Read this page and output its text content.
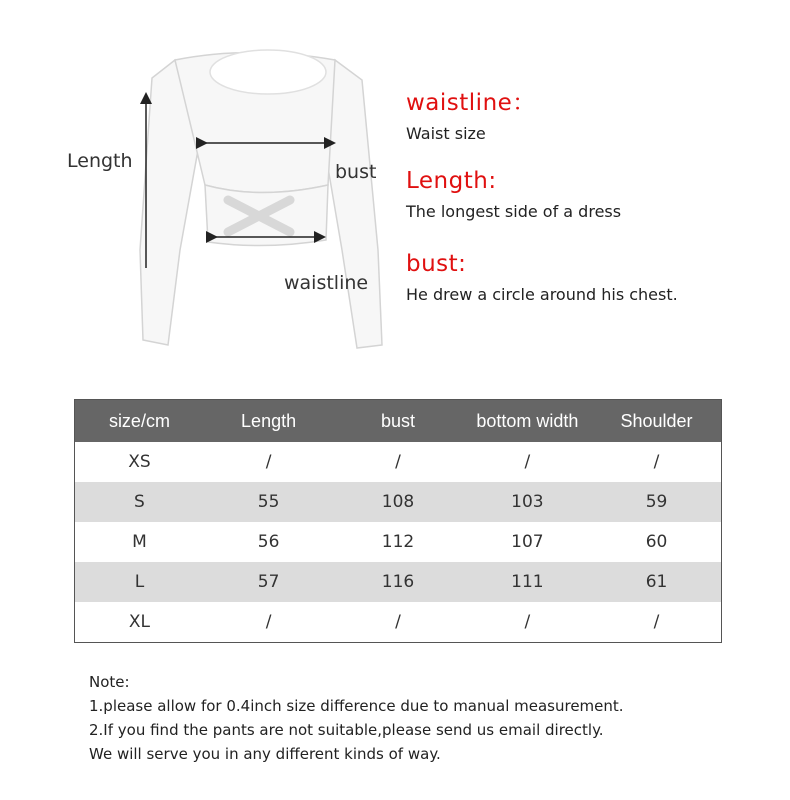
Length	bust
waistline
waistline：
Waist size
Length:
The longest side of a dress
bust:
He drew a circle around his chest.
size/cm	Length	bust	bottom width	Shoulder
XS	/	/	/	/
S	55	108	103	59
M	56	112	107	60
L	57	116	111	61
XL	/	/	/	/
Note:
1.please allow for 0.4inch size difference due to manual measurement.
2.If you find the pants are not suitable,please send us email directly.
We will serve you in any different kinds of way.
